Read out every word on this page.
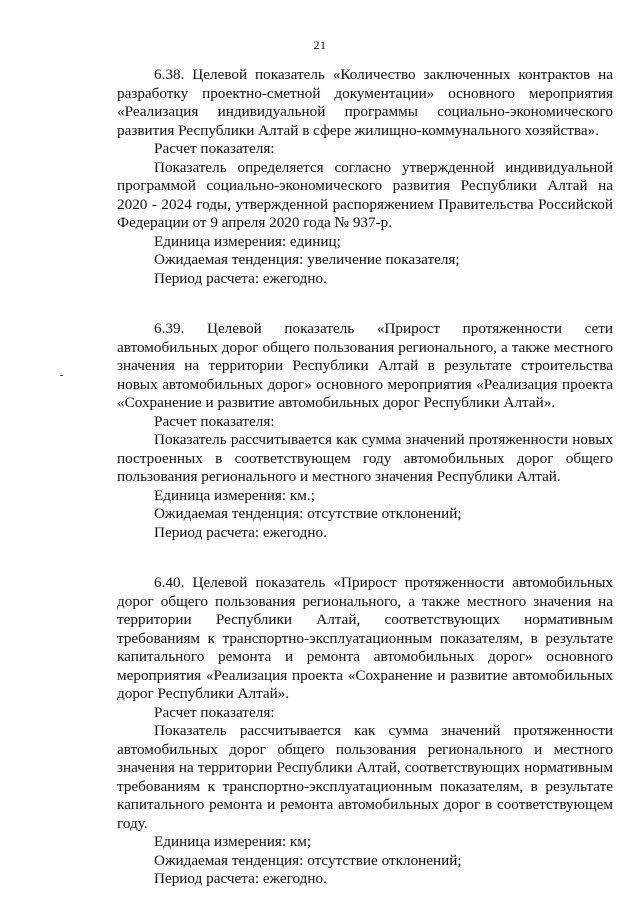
21

6.38. Целевой показатель «Количество заключенных контрактов на разработку проектно-сметной документации» основного мероприятия «Реализация индивидуальной программы социально-экономического развития Республики Алтай в сфере жилищно-коммунального хозяйства».

Расчет показателя:

Показатель определяется согласно утвержденной индивидуальной программой социально-экономического развития Республики Алтай на 2020 - 2024 годы, утвержденной распоряжением Правительства Российской Федерации от 9 апреля 2020 года № 937-р.

Единица измерения: единиц;

Ожидаемая тенденция: увеличение показателя;

Период расчета: ежегодно.

6.39. Целевой показатель «Прирост протяженности сети автомобильных дорог общего пользования регионального, а также местного значения на территории Республики Алтай в результате строительства новых автомобильных дорог» основного мероприятия «Реализация проекта «Сохранение и развитие автомобильных дорог Республики Алтай».

Расчет показателя:

Показатель рассчитывается как сумма значений протяженности новых построенных в соответствующем году автомобильных дорог общего пользования регионального и местного значения Республики Алтай.

Единица измерения: км.;

Ожидаемая тенденция: отсутствие отклонений;

Период расчета: ежегодно.

6.40. Целевой показатель «Прирост протяженности автомобильных дорог общего пользования регионального, а также местного значения на территории Республики Алтай, соответствующих нормативным требованиям к транспортно-эксплуатационным показателям, в результате капитального ремонта и ремонта автомобильных дорог» основного мероприятия «Реализация проекта «Сохранение и развитие автомобильных дорог Республики Алтай».

Расчет показателя:

Показатель рассчитывается как сумма значений протяженности автомобильных дорог общего пользования регионального и местного значения на территории Республики Алтай, соответствующих нормативным требованиям к транспортно-эксплуатационным показателям, в результате капитального ремонта и ремонта автомобильных дорог в соответствующем году.

Единица измерения: км;

Ожидаемая тенденция: отсутствие отклонений;

Период расчета: ежегодно.
